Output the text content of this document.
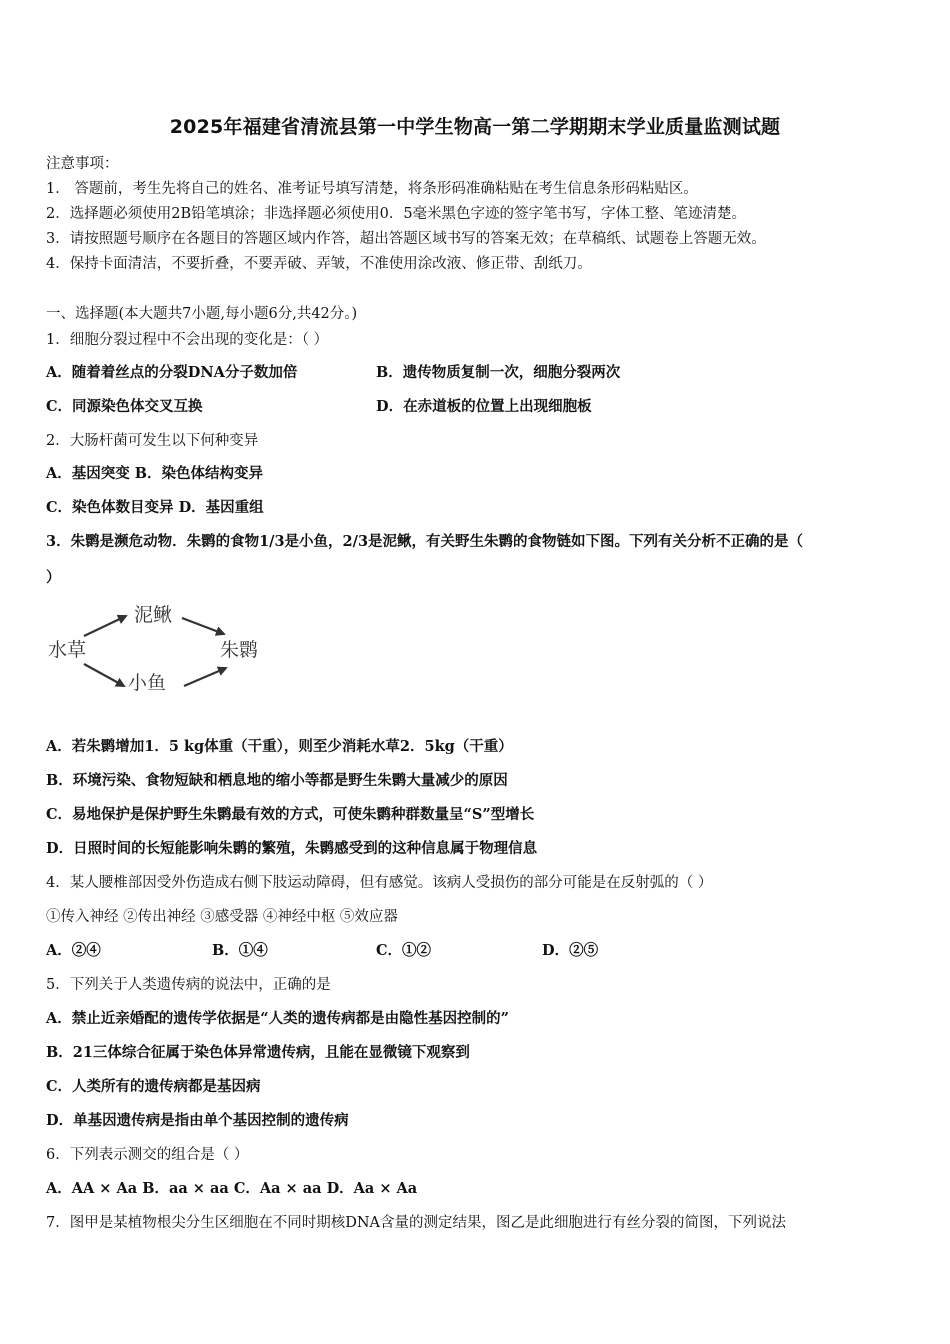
2025年福建省清流县第一中学生物高一第二学期期末学业质量监测试题
注意事项：
1． 答题前，考生先将自己的姓名、准考证号填写清楚，将条形码准确粘贴在考生信息条形码粘贴区。
2．选择题必须使用2B铅笔填涂；非选择题必须使用0．5毫米黑色字迹的签字笔书写，字体工整、笔迹清楚。
3．请按照题号顺序在各题目的答题区域内作答，超出答题区域书写的答案无效；在草稿纸、试题卷上答题无效。
4．保持卡面清洁，不要折叠，不要弄破、弄皱，不准使用涂改液、修正带、刮纸刀。
一、选择题(本大题共7小题,每小题6分,共42分。)
1．细胞分裂过程中不会出现的变化是：（ ）
A．随着着丝点的分裂DNA分子数加倍	B．遗传物质复制一次，细胞分裂两次
C．同源染色体交叉互换	D．在赤道板的位置上出现细胞板
2．大肠杆菌可发生以下何种变异
A．基因突变 B．染色体结构变异
C．染色体数目变异 D．基因重组
3．朱鹮是濒危动物．朱鹮的食物1/3是小鱼，2/3是泥鳅，有关野生朱鹮的食物链如下图。下列有关分析不正确的是（
）
水草
泥鳅
小鱼
朱鹮
A．若朱鹮增加1．5 kg体重（干重），则至少消耗水草2．5kg（干重）
B．环境污染、食物短缺和栖息地的缩小等都是野生朱鹮大量减少的原因
C．易地保护是保护野生朱鹮最有效的方式，可使朱鹮种群数量呈“S”型增长
D．日照时间的长短能影响朱鹮的繁殖，朱鹮感受到的这种信息属于物理信息
4．某人腰椎部因受外伤造成右侧下肢运动障碍，但有感觉。该病人受损伤的部分可能是在反射弧的（ ）
①传入神经 ②传出神经 ③感受器 ④神经中枢 ⑤效应器
A．②④	B．①④	C．①②	D．②⑤
5．下列关于人类遗传病的说法中，正确的是
A．禁止近亲婚配的遗传学依据是“人类的遗传病都是由隐性基因控制的”
B．21三体综合征属于染色体异常遗传病，且能在显微镜下观察到
C．人类所有的遗传病都是基因病
D．单基因遗传病是指由单个基因控制的遗传病
6．下列表示测交的组合是（ ）
A．AA × Aa B．aa × aa C．Aa × aa D．Aa × Aa
7．图甲是某植物根尖分生区细胞在不同时期核DNA含量的测定结果，图乙是此细胞进行有丝分裂的简图，下列说法
